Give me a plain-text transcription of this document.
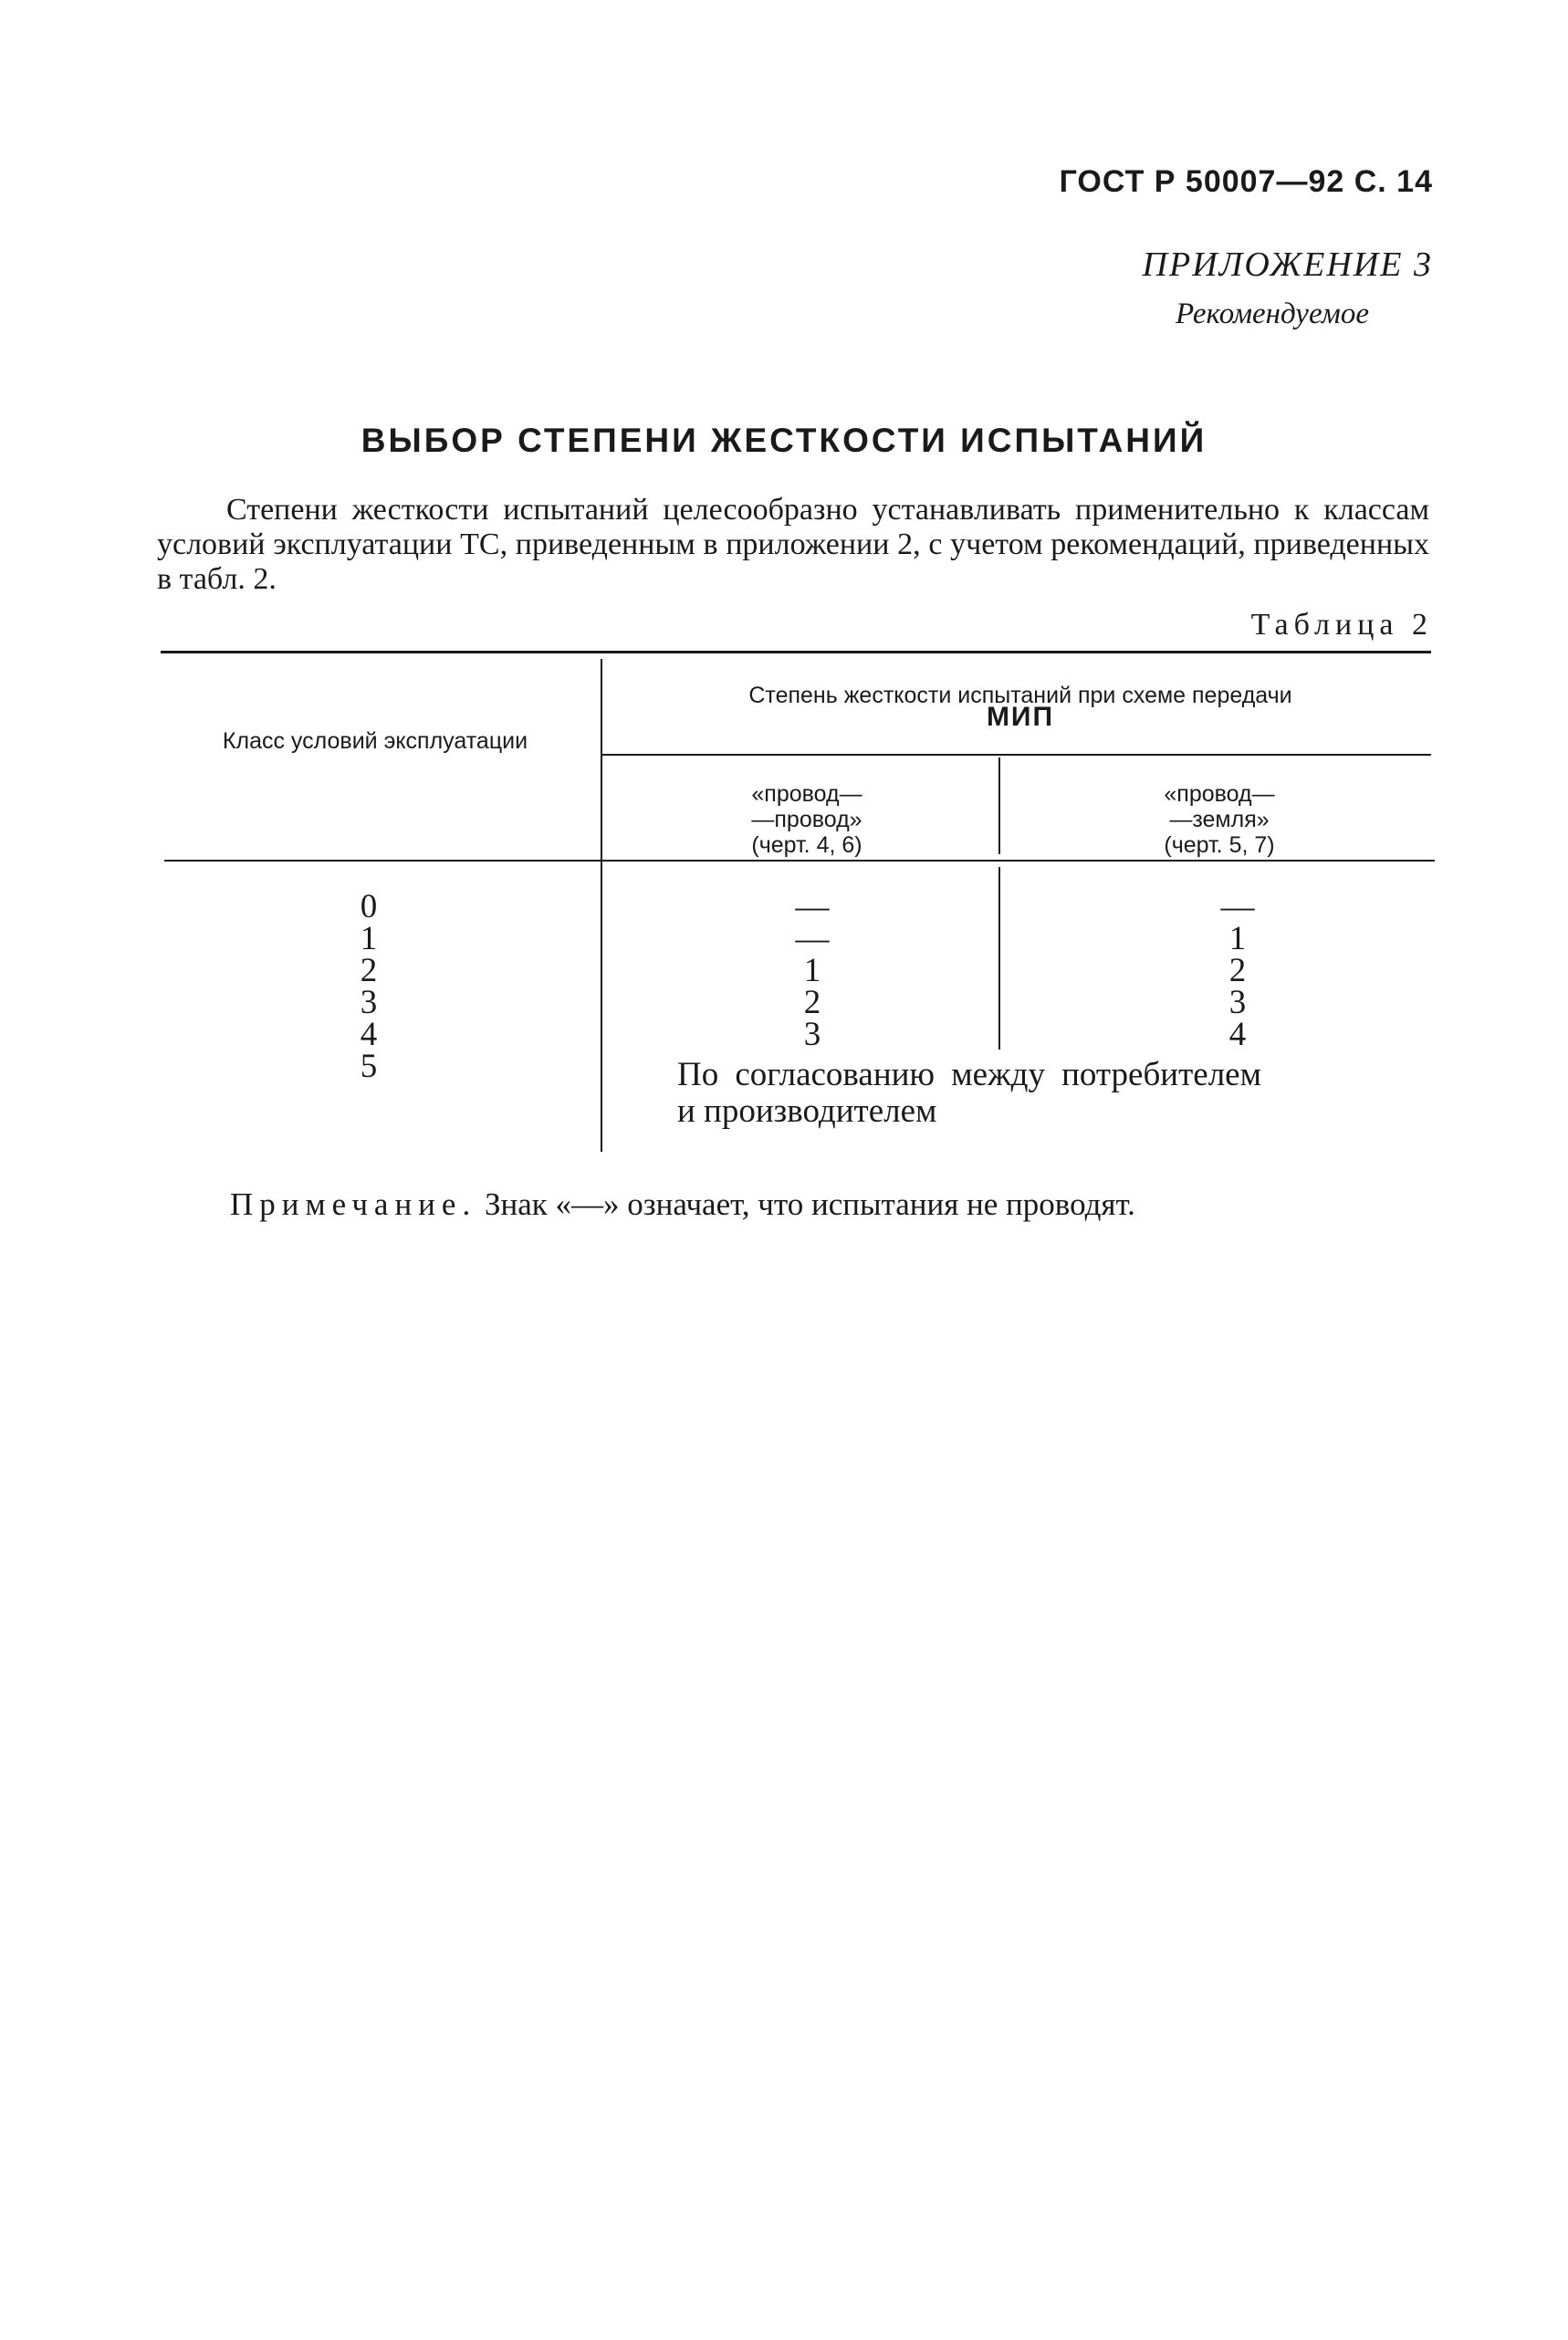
ГОСТ Р 50007—92 С. 14
ПРИЛОЖЕНИЕ 3
Рекомендуемое
ВЫБОР СТЕПЕНИ ЖЕСТКОСТИ ИСПЫТАНИЙ

Степени жесткости испытаний целесообразно устанавливать применительно к классам условий эксплуатации ТС, приведенным в приложении 2, с учетом рекомендаций, приведенных в табл. 2.

Таблица 2
Класс условий эксплуатации
Степень жесткости испытаний при схеме передачи
МИП
«провод—
—провод»
(черт. 4, 6)
«провод—
—земля»
(черт. 5, 7)
0
1
2
3
4
5
—
—
1
2
3
—
1
2
3
4
По согласованию между потребителем и производителем
Примечание. Знак «—» означает, что испытания не проводят.
